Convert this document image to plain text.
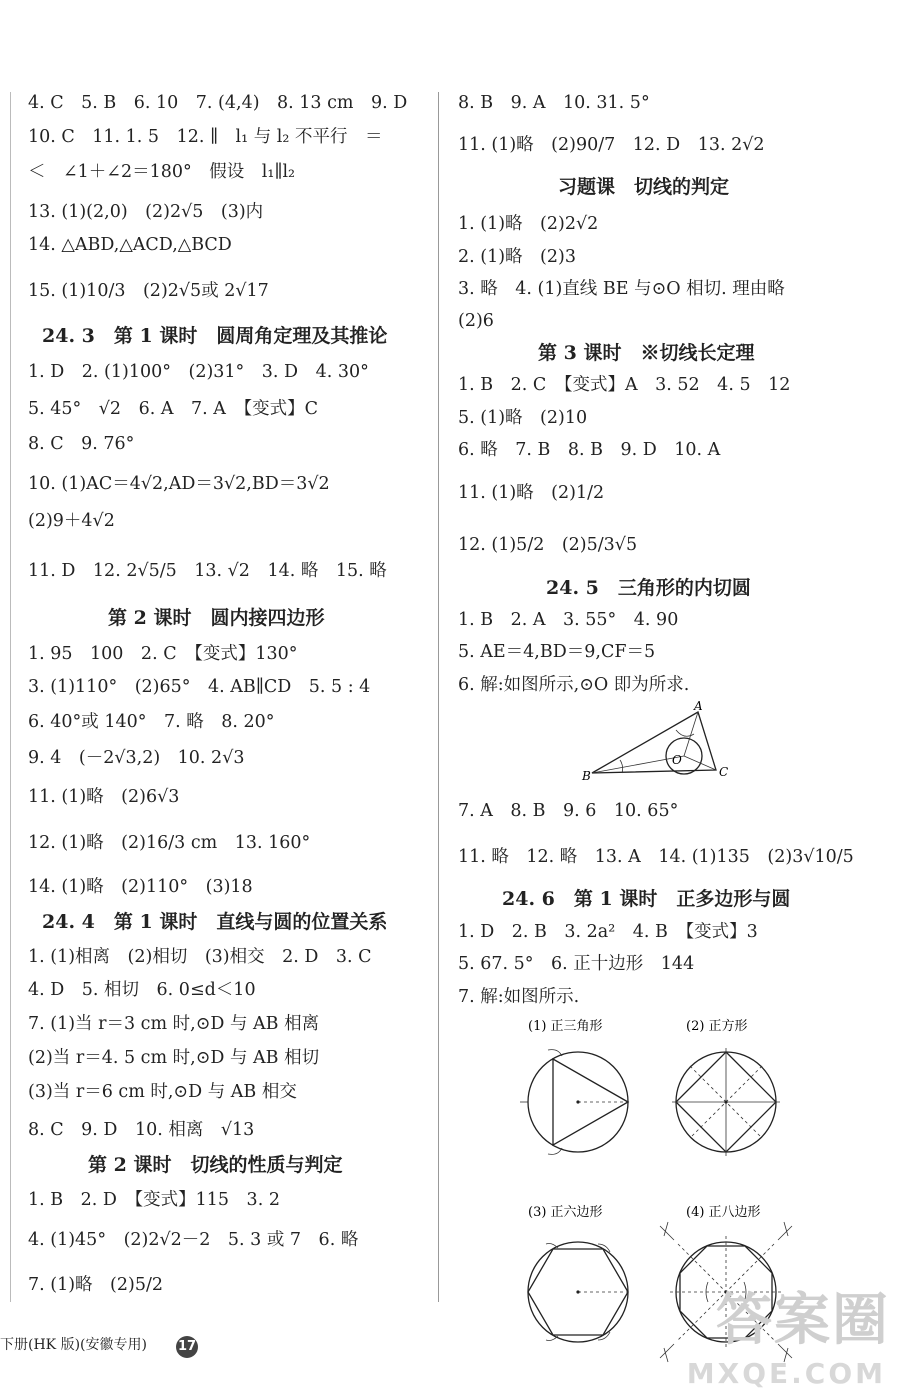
4. C　5. B　6. 10　7. (4,4)　8. 13 cm　9. D
10. C　11. 1. 5　12. ∥　l₁ 与 l₂ 不平行　＝
＜　∠1＋∠2＝180°　假设　l₁∥l₂
13. (1)(2,0)　(2)2√5　(3)内
14. △ABD,△ACD,△BCD
15. (1)10/3　(2)2√5或 2√17
24. 3　第 1 课时　圆周角定理及其推论
1. D　2. (1)100°　(2)31°　3. D　4. 30°
5. 45°　√2　6. A　7. A　【变式】C
8. C　9. 76°
10. (1)AC＝4√2,AD＝3√2,BD＝3√2
(2)9＋4√2
11. D　12. 2√5/5　13. √2　14. 略　15. 略
第 2 课时　圆内接四边形
1. 95　100　2. C　【变式】130°
3. (1)110°　(2)65°　4. AB∥CD　5. 5 : 4
6. 40°或 140°　7. 略　8. 20°
9. 4　(－2√3,2)　10. 2√3
11. (1)略　(2)6√3
12. (1)略　(2)16/3 cm　13. 160°
14. (1)略　(2)110°　(3)18
24. 4　第 1 课时　直线与圆的位置关系
1. (1)相离　(2)相切　(3)相交　2. D　3. C
4. D　5. 相切　6. 0≤d＜10
7. (1)当 r＝3 cm 时,⊙D 与 AB 相离
(2)当 r＝4. 5 cm 时,⊙D 与 AB 相切
(3)当 r＝6 cm 时,⊙D 与 AB 相交
8. C　9. D　10. 相离　√13
第 2 课时　切线的性质与判定
1. B　2. D　【变式】115　3. 2
4. (1)45°　(2)2√2－2　5. 3 或 7　6. 略
7. (1)略　(2)5/2
8. B　9. A　10. 31. 5°
11. (1)略　(2)90/7　12. D　13. 2√2
习题课　切线的判定
1. (1)略　(2)2√2
2. (1)略　(2)3
3. 略　4. (1)直线 BE 与⊙O 相切. 理由略
(2)6
第 3 课时　※切线长定理
1. B　2. C　【变式】A　3. 52　4. 5　12
5. (1)略　(2)10
6. 略　7. B　8. B　9. D　10. A
11. (1)略　(2)1/2
12. (1)5/2　(2)5/3√5
24. 5　三角形的内切圆
1. B　2. A　3. 55°　4. 90
5. AE＝4,BD＝9,CF＝5
6. 解:如图所示,⊙O 即为所求.
A
B	C
O
7. A　8. B　9. 6　10. 65°
11. 略　12. 略　13. A　14. (1)135　(2)3√10/5
24. 6　第 1 课时　正多边形与圆
1. D　2. B　3. 2a²　4. B　【变式】3
5. 67. 5°　6. 正十边形　144
7. 解:如图所示.
(1) 正三角形	(2) 正方形
(3) 正六边形	(4) 正八边形
下册(HK 版)(安徽专用) 17	答案圈
MXQE.COM
